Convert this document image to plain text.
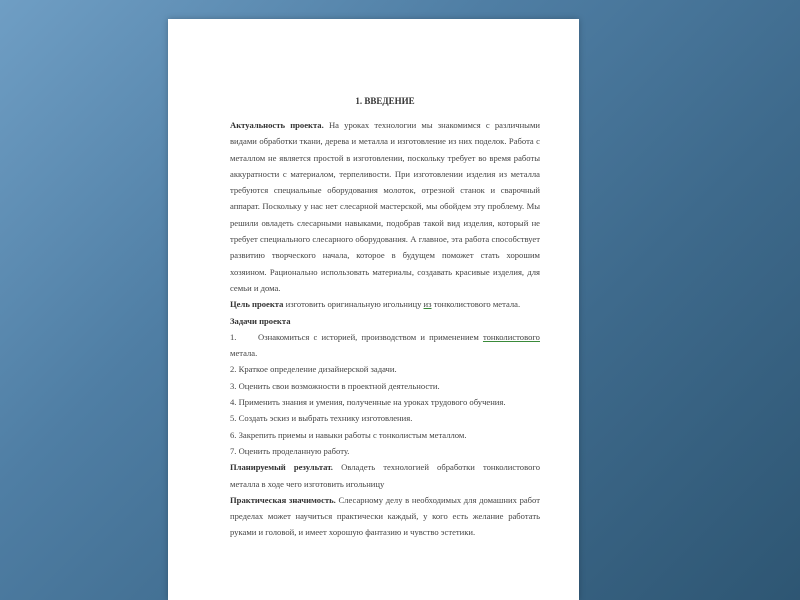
1. ВВЕДЕНИЕ

Актуальность проекта. На уроках технологии мы знакомимся с различными видами обработки ткани, дерева и металла и изготовление из них поделок. Работа с металлом не является простой в изготовлении, поскольку требует во время работы аккуратности с материалом, терпеливости. При изготовлении изделия из металла требуются специальные оборудования молоток, отрезной станок и сварочный аппарат. Поскольку у нас нет слесарной мастерской, мы обойдем эту проблему. Мы решили овладеть слесарными навыками, подобрав такой вид изделия, который не требует специального слесарного оборудования. А главное, эта работа способствует развитию творческого начала, которое в будущем поможет стать хорошим хозяином. Рационально использовать материалы, создавать красивые изделия, для семьи и дома.

Цель проекта изготовить оригинальную игольницу из тонколистового метала.

Задачи проекта

1.	Ознакомиться с историей, производством и применением тонколистового метала.

2. Краткое определение дизайнерской задачи.

3. Оценить свои возможности в проектной деятельности.

4. Применить знания и умения, полученные на уроках трудового обучения.

5. Создать эскиз и выбрать технику изготовления.

6. Закрепить приемы и навыки работы с тонколистым металлом.

7. Оценить проделанную работу.

Планируемый результат. Овладеть технологией обработки тонколистового металла в ходе чего изготовить игольницу

Практическая значимость. Слесарному делу в необходимых для домашних работ пределах может научиться практически каждый, у кого есть желание работать руками и головой, и имеет хорошую фантазию и чувство эстетики.
